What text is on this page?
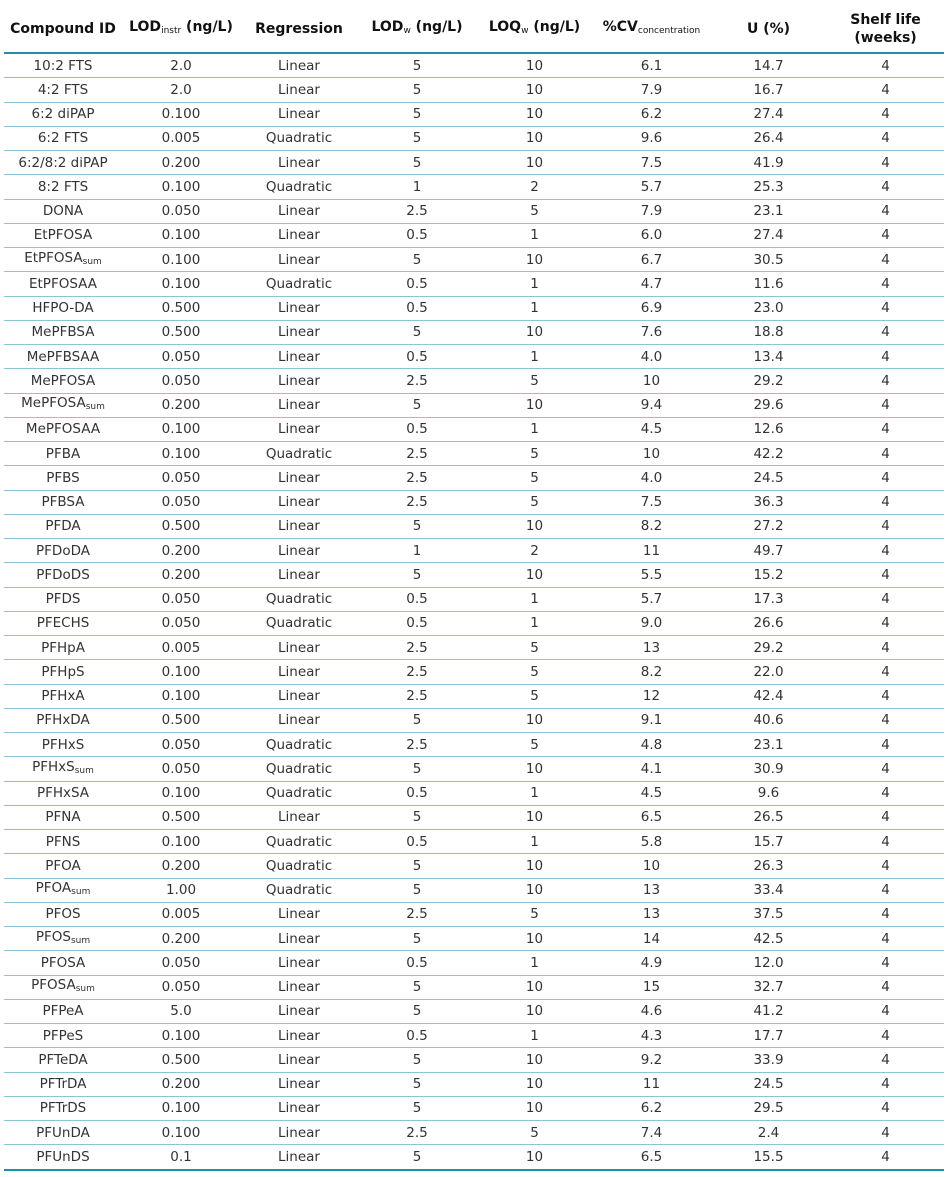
Compound ID	$LOD_{instr}$ (ng/L)	Regression	$LOD_w$ (ng/L)	$LOQ_w$ (ng/L)	$\%CV_{concentration}$	U (%)	Shelf life
(weeks)
10:2 FTS	2.0	Linear	5	10	6.1	14.7	4
4:2 FTS	2.0	Linear	5	10	7.9	16.7	4
6:2 diPAP	0.100	Linear	5	10	6.2	27.4	4
6:2 FTS	0.005	Quadratic	5	10	9.6	26.4	4
6:2/8:2 diPAP	0.200	Linear	5	10	7.5	41.9	4
8:2 FTS	0.100	Quadratic	1	2	5.7	25.3	4
DONA	0.050	Linear	2.5	5	7.9	23.1	4
EtPFOSA	0.100	Linear	0.5	1	6.0	27.4	4
EtPFOSA$_{sum}$	0.100	Linear	5	10	6.7	30.5	4
EtPFOSAA	0.100	Quadratic	0.5	1	4.7	11.6	4
HFPO-DA	0.500	Linear	0.5	1	6.9	23.0	4
MePFBSA	0.500	Linear	5	10	7.6	18.8	4
MePFBSAA	0.050	Linear	0.5	1	4.0	13.4	4
MePFOSA	0.050	Linear	2.5	5	10	29.2	4
MePFOSA$_{sum}$	0.200	Linear	5	10	9.4	29.6	4
MePFOSAA	0.100	Linear	0.5	1	4.5	12.6	4
PFBA	0.100	Quadratic	2.5	5	10	42.2	4
PFBS	0.050	Linear	2.5	5	4.0	24.5	4
PFBSA	0.050	Linear	2.5	5	7.5	36.3	4
PFDA	0.500	Linear	5	10	8.2	27.2	4
PFDoDA	0.200	Linear	1	2	11	49.7	4
PFDoDS	0.200	Linear	5	10	5.5	15.2	4
PFDS	0.050	Quadratic	0.5	1	5.7	17.3	4
PFECHS	0.050	Quadratic	0.5	1	9.0	26.6	4
PFHpA	0.005	Linear	2.5	5	13	29.2	4
PFHpS	0.100	Linear	2.5	5	8.2	22.0	4
PFHxA	0.100	Linear	2.5	5	12	42.4	4
PFHxDA	0.500	Linear	5	10	9.1	40.6	4
PFHxS	0.050	Quadratic	2.5	5	4.8	23.1	4
PFHxS$_{sum}$	0.050	Quadratic	5	10	4.1	30.9	4
PFHxSA	0.100	Quadratic	0.5	1	4.5	9.6	4
PFNA	0.500	Linear	5	10	6.5	26.5	4
PFNS	0.100	Quadratic	0.5	1	5.8	15.7	4
PFOA	0.200	Quadratic	5	10	10	26.3	4
$PFOA_{sum}$	1.00	Quadratic	5	10	13	33.4	4
PFOS	0.005	Linear	2.5	5	13	37.5	4
$PFOS_{sum}$	0.200	Linear	5	10	14	42.5	4
PFOSA	0.050	Linear	0.5	1	4.9	12.0	4
$PFOSA_{sum}$	0.050	Linear	5	10	15	32.7	4
PFPeA	5.0	Linear	5	10	4.6	41.2	4
PFPeS	0.100	Linear	0.5	1	4.3	17.7	4
PFTeDA	0.500	Linear	5	10	9.2	33.9	4
PFTrDA	0.200	Linear	5	10	11	24.5	4
PFTrDS	0.100	Linear	5	10	6.2	29.5	4
PFUnDA	0.100	Linear	2.5	5	7.4	2.4	4
PFUnDS	0.1	Linear	5	10	6.5	15.5	4
